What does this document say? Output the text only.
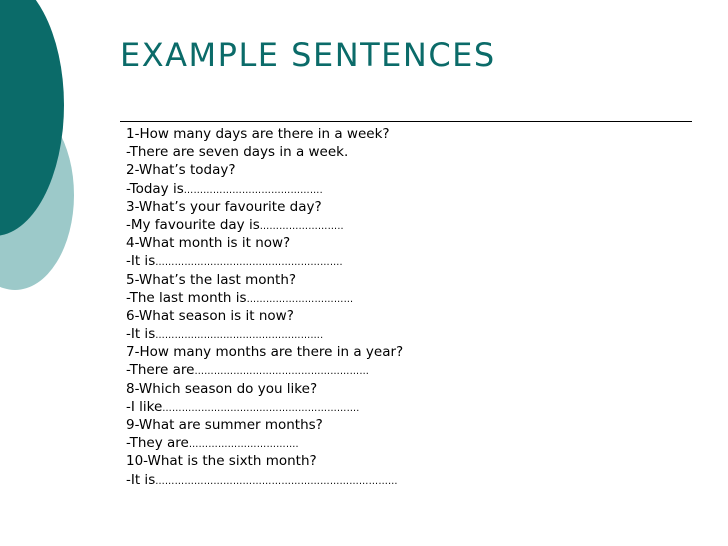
EXAMPLE SENTENCES
1-How many days are there in a week?
-There are seven days in a week.
2-What’s today?
-Today is…………………………………….
3-What’s your favourite day?
-My favourite day is……………………..
4-What month is it now?
-It is………………………………………………….
5-What’s the last month?
-The last month is……………………………
6-What season is it now?
-It is…………………………………………….
7-How many months are there in a year?
-There are………………………………………………
8-Which season do you like?
-I like…………………………………………………….
9-What are summer months?
-They are…………………………….
10-What is the sixth month?
-It is…………………………………………………………………
